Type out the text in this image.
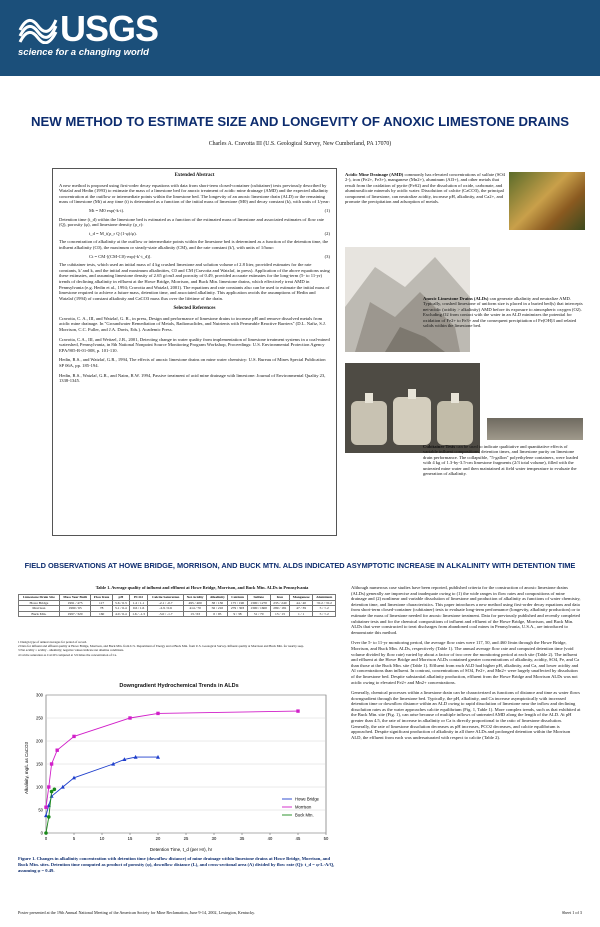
USGS
science for a changing world
NEW METHOD TO ESTIMATE SIZE AND LONGEVITY OF ANOXIC LIMESTONE DRAINS
Charles A. Cravotta III (U.S. Geological Survey, New Cumberland, PA 17070)
Extended Abstract

A new method is proposed using first-order decay equations with data from short-term closed-container (cubitainer) tests previously described by Watzlaf and Hedin (1993) to estimate the mass of a limestone bed for anoxic treatment of acidic mine drainage (AMD) and the expected alkalinity concentration at the outflow or intermediate points within the limestone bed. The longevity of an anoxic limestone drain (ALD) or the remaining mass of limestone (Mt) at any time (t) is determined as a function of the initial mass of limestone (M0) and decay constant (k), with units of 1/year:

Mt = M0 exp(-k·t).	(1)

Detention time (t_d) within the limestone bed is estimated as a function of the estimated mass of limestone and associated estimates of flow rate (Q), porosity (φ), and limestone density (ρ_r):

t_d = M_t(ρ_r Q (1-φ)/φ).	(2)

The concentration of alkalinity at the outflow or intermediate points within the limestone bed is determined as a function of the detention time, the influent alkalinity (C0), the maximum or steady-state alkalinity (CM), and the rate constant (k'), with units of 1/hour:

Ct = CM·[(CM-C0)·exp(-k'·t_d)].	(3)

The cubitainer tests, which used an initial mass of 4 kg crushed limestone and solution volume of 2.8 liter, provided estimates for the rate constants, k' and k, and the initial and maximum alkalinities, C0 and CM (Cravotta and Watzlaf, in press). Application of the above equations using these estimates, and assuming limestone density of 2.65 g/cm3 and porosity of 0.49, provided accurate estimates for the long-term (5- to 11-yr) trends of declining alkalinity in effluent at the Howe Bridge, Morrison, and Buck Mtn. limestone drains, which effectively treat AMD in Pennsylvania (e.g. Hedin et al., 1994; Cravotta and Watzlaf, 2001). The equations and rate constants also can be used to estimate the initial mass of limestone required to achieve a future mass, detention time, and associated alkalinity. This application avoids the assumptions of Hedin and Watzlaf (1994) of constant alkalinity and CaCO3 mass flux over the lifetime of the drain.

Selected References

Cravotta, C. A., III, and Watzlaf, G. R., in press, Design and performance of limestone drains to increase pH and remove dissolved metals from acidic mine drainage. In "Groundwater Remediation of Metals, Radionuclides, and Nutrients with Permeable Reactive Barriers" (D.L. Naftz, S.J. Morrison, C.C. Fuller, and J.A. Davis, Eds.). Academic Press.

Cravotta, C.A., III, and Weitzel, J.B., 2001, Detecting change in water quality from implementation of limestone treatment systems in a coal-mined watershed, Pennsylvania, in 8th National Nonpoint Source Monitoring Program Workshop, Proceedings: U.S. Environmental Protection Agency EPA/905-R-01-008, p. 101-110.

Hedin, R.S., and Watzlaf, G.R., 1994, The effects of anoxic limestone drains on mine water chemistry: U.S. Bureau of Mines Special Publication SP 06A, pp. 185-194.

Hedin, R.S., Watzlaf, G.R., and Nairn, R.W. 1994, Passive treatment of acid mine drainage with limestone: Journal of Environmental Quality 23, 1338-1345.

Acidic Mine Drainage (AMD) commonly has elevated concentrations of sulfate (SO4 2-), iron (Fe2+, Fe3+), manganese (Mn2+), aluminum (Al3+), and other metals that result from the oxidation of pyrite (FeS2) and the dissolution of oxide, carbonate, and aluminosilicate minerals by acidic water. Dissolution of calcite (CaCO3), the principal component of limestone, can neutralize acidity, increase pH, alkalinity, and Ca2+, and promote the precipitation and adsorption of metals.
Anoxic Limestone Drains (ALDs) can generate alkalinity and neutralize AMD. Typically, crushed limestone of uniform size is placed in a buried bed(s) that intercepts net-acidic (acidity > alkalinity) AMD before its exposure to atmospheric oxygen (O2). Excluding O2 from contact with the water in an ALD minimizes the potential for oxidation of Fe2+ to Fe3+ and the consequent precipitation of Fe(OH)3 and related solids within the limestone bed.
Cubitainer Tests can be used to indicate qualitative and quantitative effects of variable influent compositions, detention times, and limestone purity on limestone drain performance. The collapsible, "5-gallon" polyethylene containers, were loaded with 4 kg of 1.3-by-3.5-cm limestone fragments (2/3 total volume), filled with the untreated mine water and then maintained at field water temperature to evaluate the generation of alkalinity.
FIELD OBSERVATIONS AT HOWE BRIDGE, MORRISON, AND BUCK MTN. ALDS INDICATED ASYMPTOTIC INCREASE IN ALKALINITY WITH DETENTION TIME
Table 1. Average quality of influent and effluent at Howe Bridge, Morrison, and Buck Mtn. ALDs in Pennsylvania
Limestone Drain Site	Mass Year Built	Flow Rate	pH	PCO2	Calcite Saturation	Net Acidity	Alkalinity	Calcium	Sulfate	Iron	Manganese	Aluminum
Howe Bridge	1991 / 475	117	5.6 / 6.3	1.2 / 1.1	-2.1 / -0.7	495 / 400	38 / 130	175 / 190	1300 / 1270	235 / 240	44 / 40	<0.2 / <0.2
Morrison	1990 / 65	78	5.1 / 6.4	0.6 / 1.6	-2.9 / 0.6	414 / 70	56 / 210	279 / 303	1300 / 1600	289 / 181	47 / 39	5 / <.2
Buck Mtn.	1997 / 320	160	4.0 / 6.4	1.6 / -1.3	-5.0 / -1.7	13 / 63	0 / 95	9 / 38	51 / 70	13 / 13	1 / 1	5 / <.2
1 Design type of annual averages for period of record.
2 Data for influent and effluent quality at Howe Bridge, Morrison, and Buck Mtn. from U.S. Department of Energy and at Buck Mtn. from U.S. Geological Survey. Influent quality at Morrison and Buck Mtn. for nearby seep.
3 Net acidity = acidity - alkalinity; negative values indicate net alkaline conditions.
4 Calcite saturation as CaCO3 computed at 3.9 times the concentration of Ca.
Downgradient Hydrochemical Trends in ALDs
Alkalinity, mg/L as CaCO3
Detention Time, t_d (per Hr), hr
0
50
100
150
200
250
300
0	5	10	15	20	25	30	35	40	45	50
Howe Bridge
Morrison
Buck Mtn.
Figure 1. Changes in alkalinity concentration with detention time (downflow distance) of mine drainage within limestone drains at Howe Bridge, Morrison, and Buck Mtn. sites. Detention time computed as product of porosity (φ), downflow distance (L), and cross-sectional area (A) divided by flow rate (Q): t_d = φ·L·A/Q, assuming φ = 0.49.

Although numerous case studies have been reported, published criteria for the construction of anoxic limestone drains (ALDs) generally are imprecise and inadequate owing to (1) the wide ranges in flow rates and compositions of mine drainage and (2) nonlinear and variable dissolution of limestone and production of alkalinity as functions of water chemistry, detention time, and limestone characteristics. This paper introduces a new method using first-order decay equations and data from short-term closed-container (cubitainer) tests to evaluate long-term performance (longevity, alkalinity production) or to estimate the mass of limestone needed for anoxic limestone treatment. Data for previously published and recently completed cubitainer tests and for the chemical compositions of influent and effluent of the Howe Bridge, Morrison, and Buck Mtn. ALDs that were constructed to treat discharges from abandoned coal mines in Pennsylvania, U.S.A., are introduced to demonstrate this method.

Over the 5- to 11-yr monitoring period, the average flow rates were 117, 50, and 460 l/min through the Howe Bridge, Morrison, and Buck Mtn. ALDs, respectively (Table 1). The annual average flow rate and computed detention time (void volume divided by flow rate) varied by about a factor of two over the monitoring period at each site (Table 2). The influent and effluent at the Howe Bridge and Morrison ALDs contained greater concentrations of alkalinity, acidity, SO4, Fe, and Ca than those at the Buck Mtn. site (Table 1). Effluent from each ALD had higher pH, alkalinity, and Ca, and lower acidity and Al concentrations than influent. In contrast, concentrations of SO4, Fe2+, and Mn2+ were largely unaffected by dissolution of the limestone bed. Despite substantial alkalinity production, effluent from the Howe Bridge and Morrison ALDs was not acidic owing to elevated Fe2+ and Mn2+ concentrations.

Generally, chemical processes within a limestone drain can be characterized as functions of distance and time as water flows downgradient through the limestone bed. Typically, the pH, alkalinity, and Ca increase asymptotically with increased detention time or downflow distance within an ALD owing to rapid dissolution of limestone near the inflow and declining dissolution rates as the water approaches calcite equilibrium (Fig. 1, Table 1). More complex trends, such as that exhibited at the Buck Mtn. site (Fig. 1), can arise because of multiple inflows of untreated AMD along the length of the ALD. At pH greater than 4.5, the rate of increase in alkalinity or Ca is directly proportional to the ratio of limestone dissolution. Generally, the rate of limestone dissolution decreases as pH increases, PCO2 decreases, and calcite equilibrium is approached. Despite significant production of alkalinity in all three ALDs and prolonged detention within the Morrison ALD, the effluent from each was undersaturated with respect to calcite (Table 2).

Poster presented at the 19th Annual National Meeting of the American Society for Mine Reclamation, June 9-14, 2002, Lexington, Kentucky.	Sheet 1 of 3
